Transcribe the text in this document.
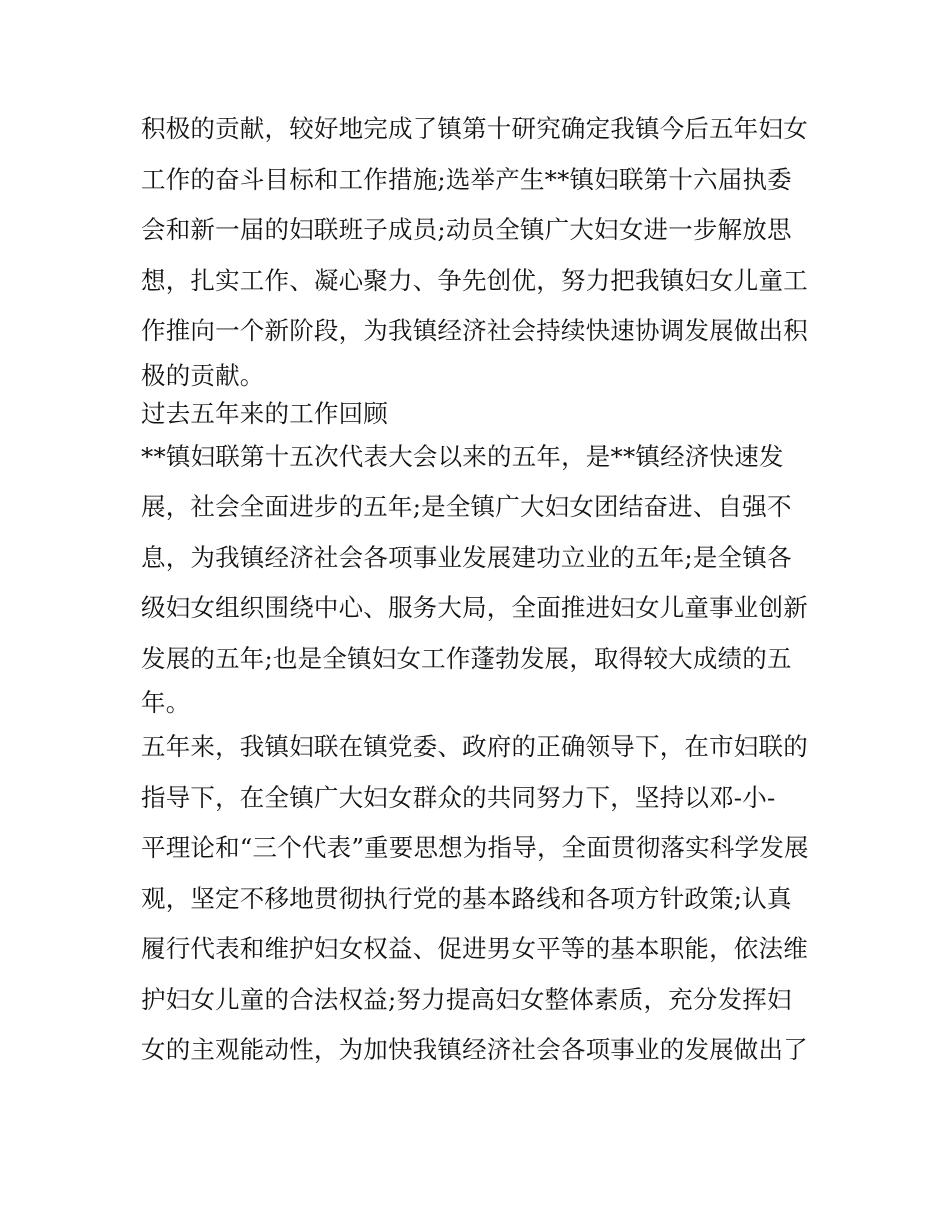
积极的贡献，较好地完成了镇第十研究确定我镇今后五年妇女
工作的奋斗目标和工作措施;选举产生**镇妇联第十六届执委
会和新一届的妇联班子成员;动员全镇广大妇女进一步解放思
想，扎实工作、凝心聚力、争先创优，努力把我镇妇女儿童工
作推向一个新阶段，为我镇经济社会持续快速协调发展做出积
极的贡献。
过去五年来的工作回顾
**镇妇联第十五次代表大会以来的五年，是**镇经济快速发
展，社会全面进步的五年;是全镇广大妇女团结奋进、自强不
息，为我镇经济社会各项事业发展建功立业的五年;是全镇各
级妇女组织围绕中心、服务大局，全面推进妇女儿童事业创新
发展的五年;也是全镇妇女工作蓬勃发展，取得较大成绩的五
年。
五年来，我镇妇联在镇党委、政府的正确领导下，在市妇联的
指导下，在全镇广大妇女群众的共同努力下，坚持以邓-小-
平理论和“三个代表”重要思想为指导，全面贯彻落实科学发展
观，坚定不移地贯彻执行党的基本路线和各项方针政策;认真
履行代表和维护妇女权益、促进男女平等的基本职能，依法维
护妇女儿童的合法权益;努力提高妇女整体素质，充分发挥妇
女的主观能动性，为加快我镇经济社会各项事业的发展做出了
